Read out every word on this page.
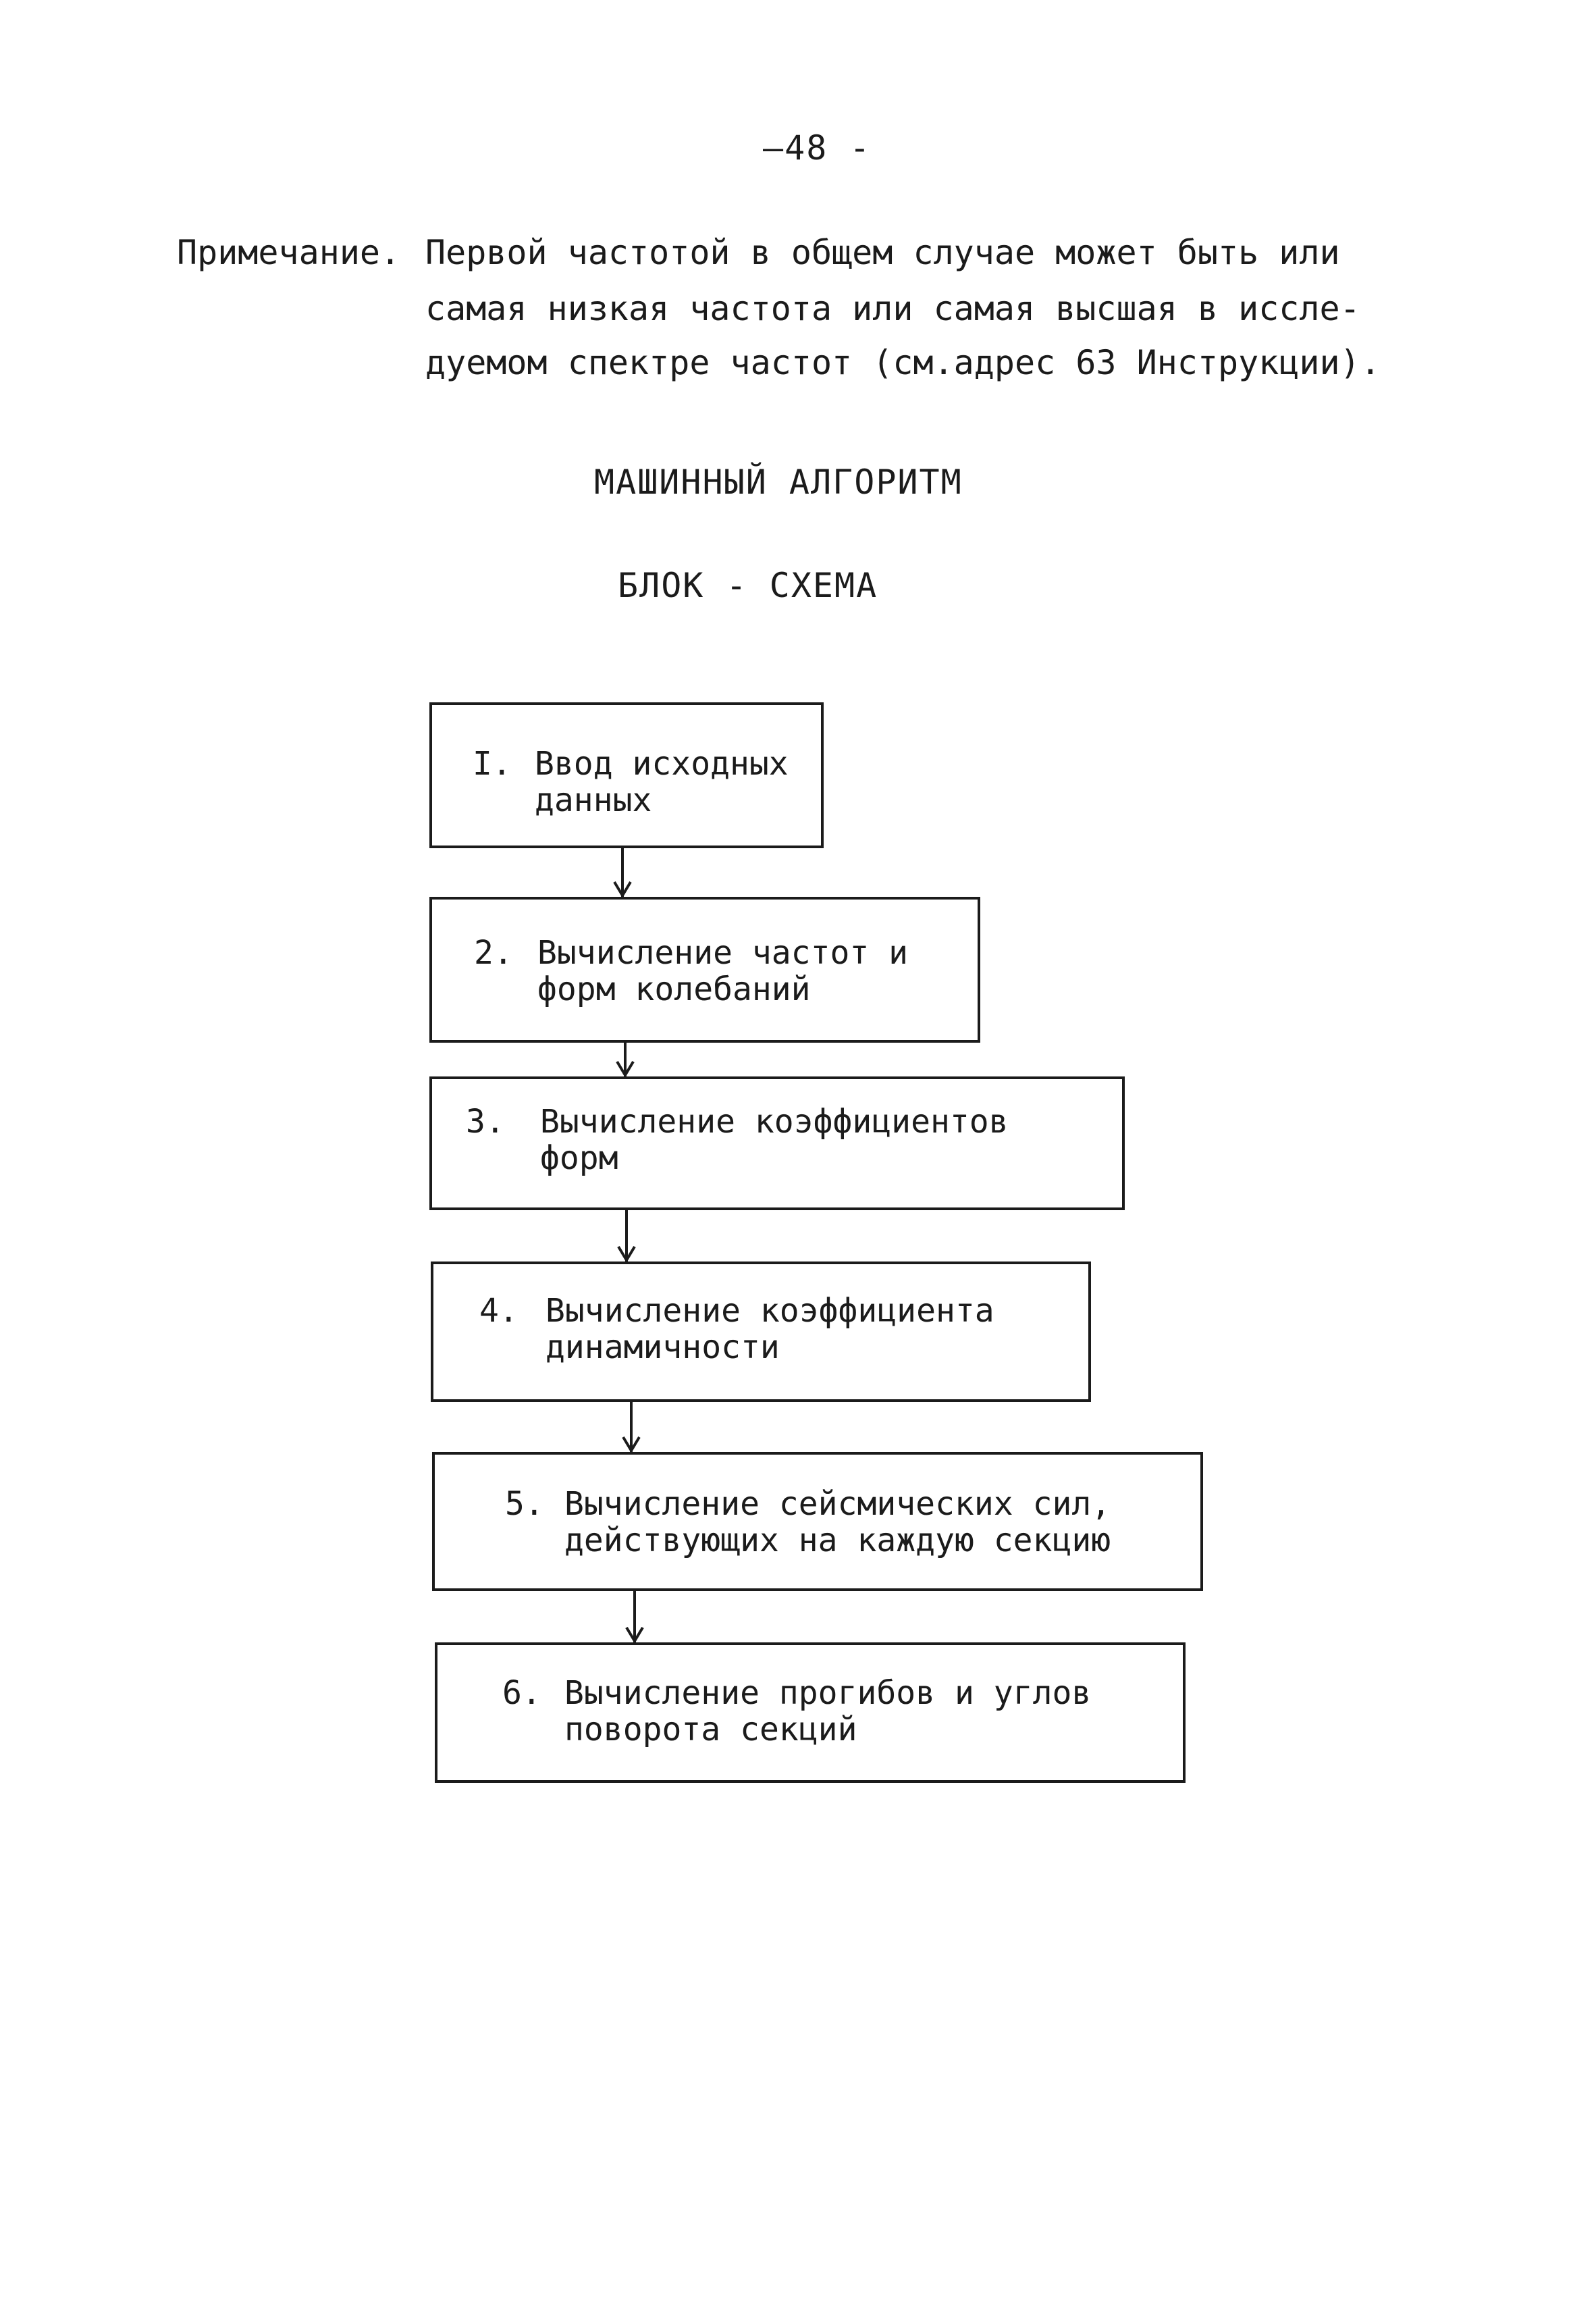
–48 -
Примечание. Первой частотой в общем случае может быть или
самая низкая частота или самая высшая в иссле-
дуемом спектре частот (см.адрес 63 Инструкции).
МАШИННЫЙ АЛГОРИТМ
БЛОК - СХЕМА
I. Ввод исходных
данных
2. Вычисление частот и
форм колебаний
3. Вычисление коэффициентов
форм
4. Вычисление коэффициента
динамичности
5. Вычисление сейсмических сил,
действующих на каждую секцию
6. Вычисление прогибов и углов
поворота секций
